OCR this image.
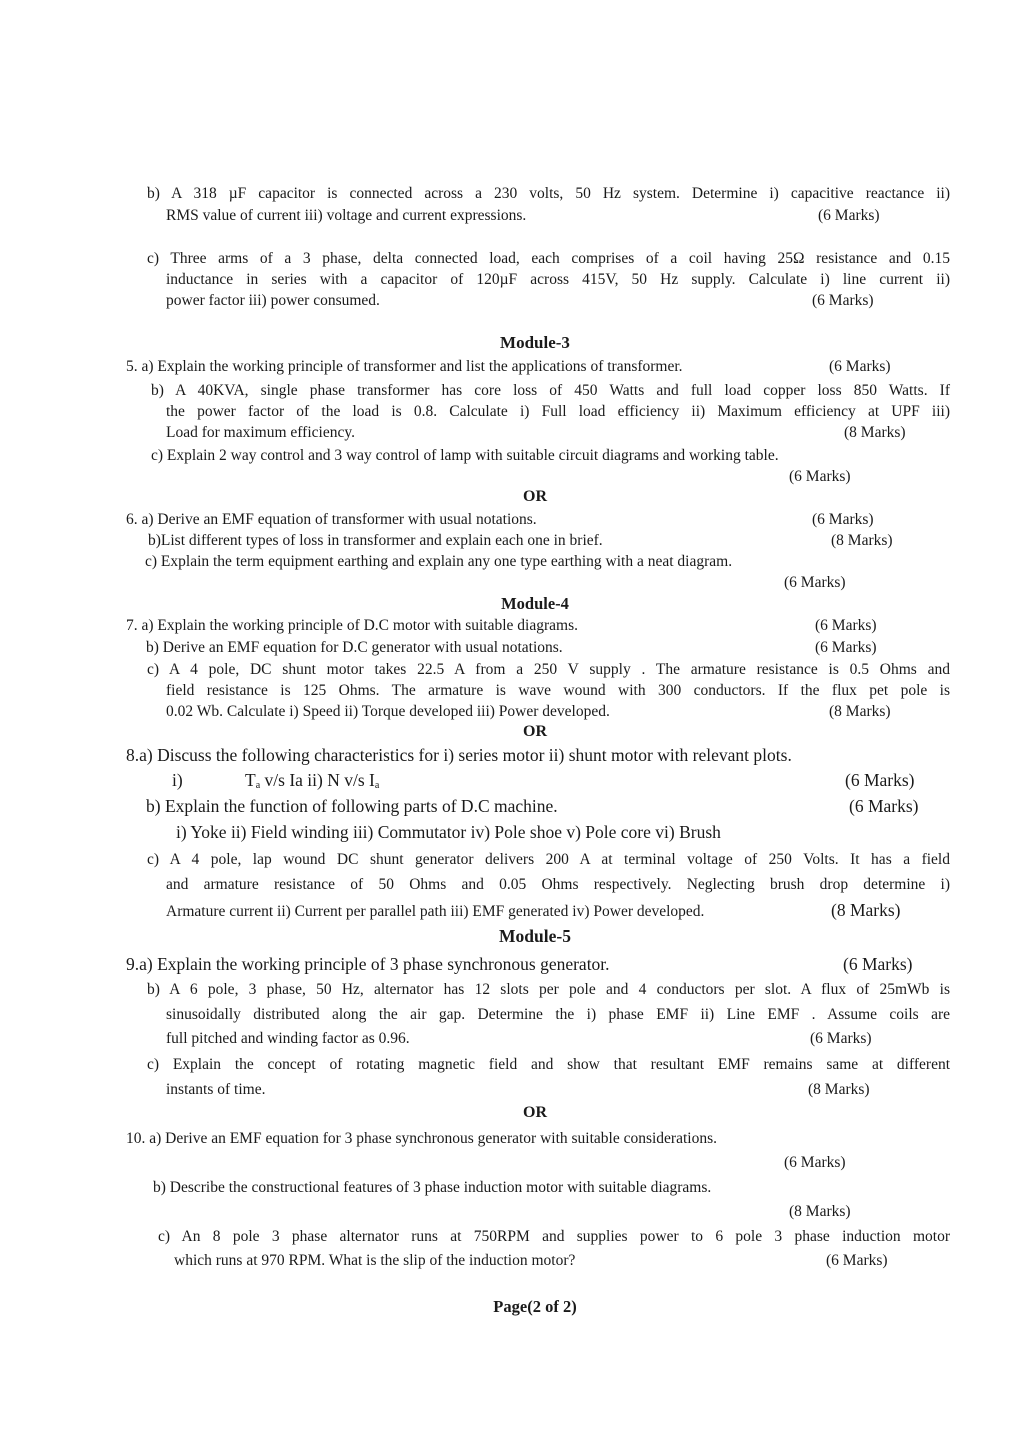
b) A 318 µF capacitor is connected across a 230 volts, 50 Hz system. Determine i) capacitive reactance ii)
RMS value of current iii) voltage and current expressions.	(6 Marks)
c) Three arms of a 3 phase, delta connected load, each comprises of a coil having 25Ω resistance and 0.15
inductance in series with a capacitor of 120µF across 415V, 50 Hz supply. Calculate i) line current ii)
power factor iii) power consumed.	(6 Marks)
Module-3
5. a) Explain the working principle of transformer and list the applications of transformer.	(6 Marks)
b) A 40KVA, single phase transformer has core loss of 450 Watts and full load copper loss 850 Watts. If
the power factor of the load is 0.8. Calculate i) Full load efficiency ii) Maximum efficiency at UPF iii)
Load for maximum efficiency.	(8 Marks)
c) Explain 2 way control and 3 way control of lamp with suitable circuit diagrams and working table.
(6 Marks)
OR
6. a) Derive an EMF equation of transformer with usual notations.	(6 Marks)
b)List different types of loss in transformer and explain each one in brief.	(8 Marks)
c) Explain the term equipment earthing and explain any one type earthing with a neat diagram.
(6 Marks)
Module-4
7. a) Explain the working principle of D.C motor with suitable diagrams.	(6 Marks)
b) Derive an EMF equation for D.C generator with usual notations.	(6 Marks)
c) A 4 pole, DC shunt motor takes 22.5 A from a 250 V supply . The armature resistance is 0.5 Ohms and
field resistance is 125 Ohms. The armature is wave wound with 300 conductors. If the flux pet pole is
0.02 Wb. Calculate i) Speed ii) Torque developed iii) Power developed.	(8 Marks)
OR
8.a) Discuss the following characteristics for i) series motor ii) shunt motor with relevant plots.
i)	$T_a$ v/s Ia ii) N v/s $I_a$	(6 Marks)
b) Explain the function of following parts of D.C machine.	(6 Marks)
i) Yoke ii) Field winding iii) Commutator iv) Pole shoe v) Pole core vi) Brush
c) A 4 pole, lap wound DC shunt generator delivers 200 A at terminal voltage of 250 Volts. It has a field
and armature resistance of 50 Ohms and 0.05 Ohms respectively. Neglecting brush drop determine i)
Armature current ii) Current per parallel path iii) EMF generated iv) Power developed.	(8 Marks)
Module-5
9.a) Explain the working principle of 3 phase synchronous generator.	(6 Marks)
b) A 6 pole, 3 phase, 50 Hz, alternator has 12 slots per pole and 4 conductors per slot. A flux of 25mWb is
sinusoidally distributed along the air gap. Determine the i) phase EMF ii) Line EMF . Assume coils are
full pitched and winding factor as 0.96.	(6 Marks)
c) Explain the concept of rotating magnetic field and show that resultant EMF remains same at different
instants of time.	(8 Marks)
OR
10. a) Derive an EMF equation for 3 phase synchronous generator with suitable considerations.
(6 Marks)
b) Describe the constructional features of 3 phase induction motor with suitable diagrams.
(8 Marks)
c) An 8 pole 3 phase alternator runs at 750RPM and supplies power to 6 pole 3 phase induction motor
which runs at 970 RPM. What is the slip of the induction motor?	(6 Marks)
Page(2 of 2)
